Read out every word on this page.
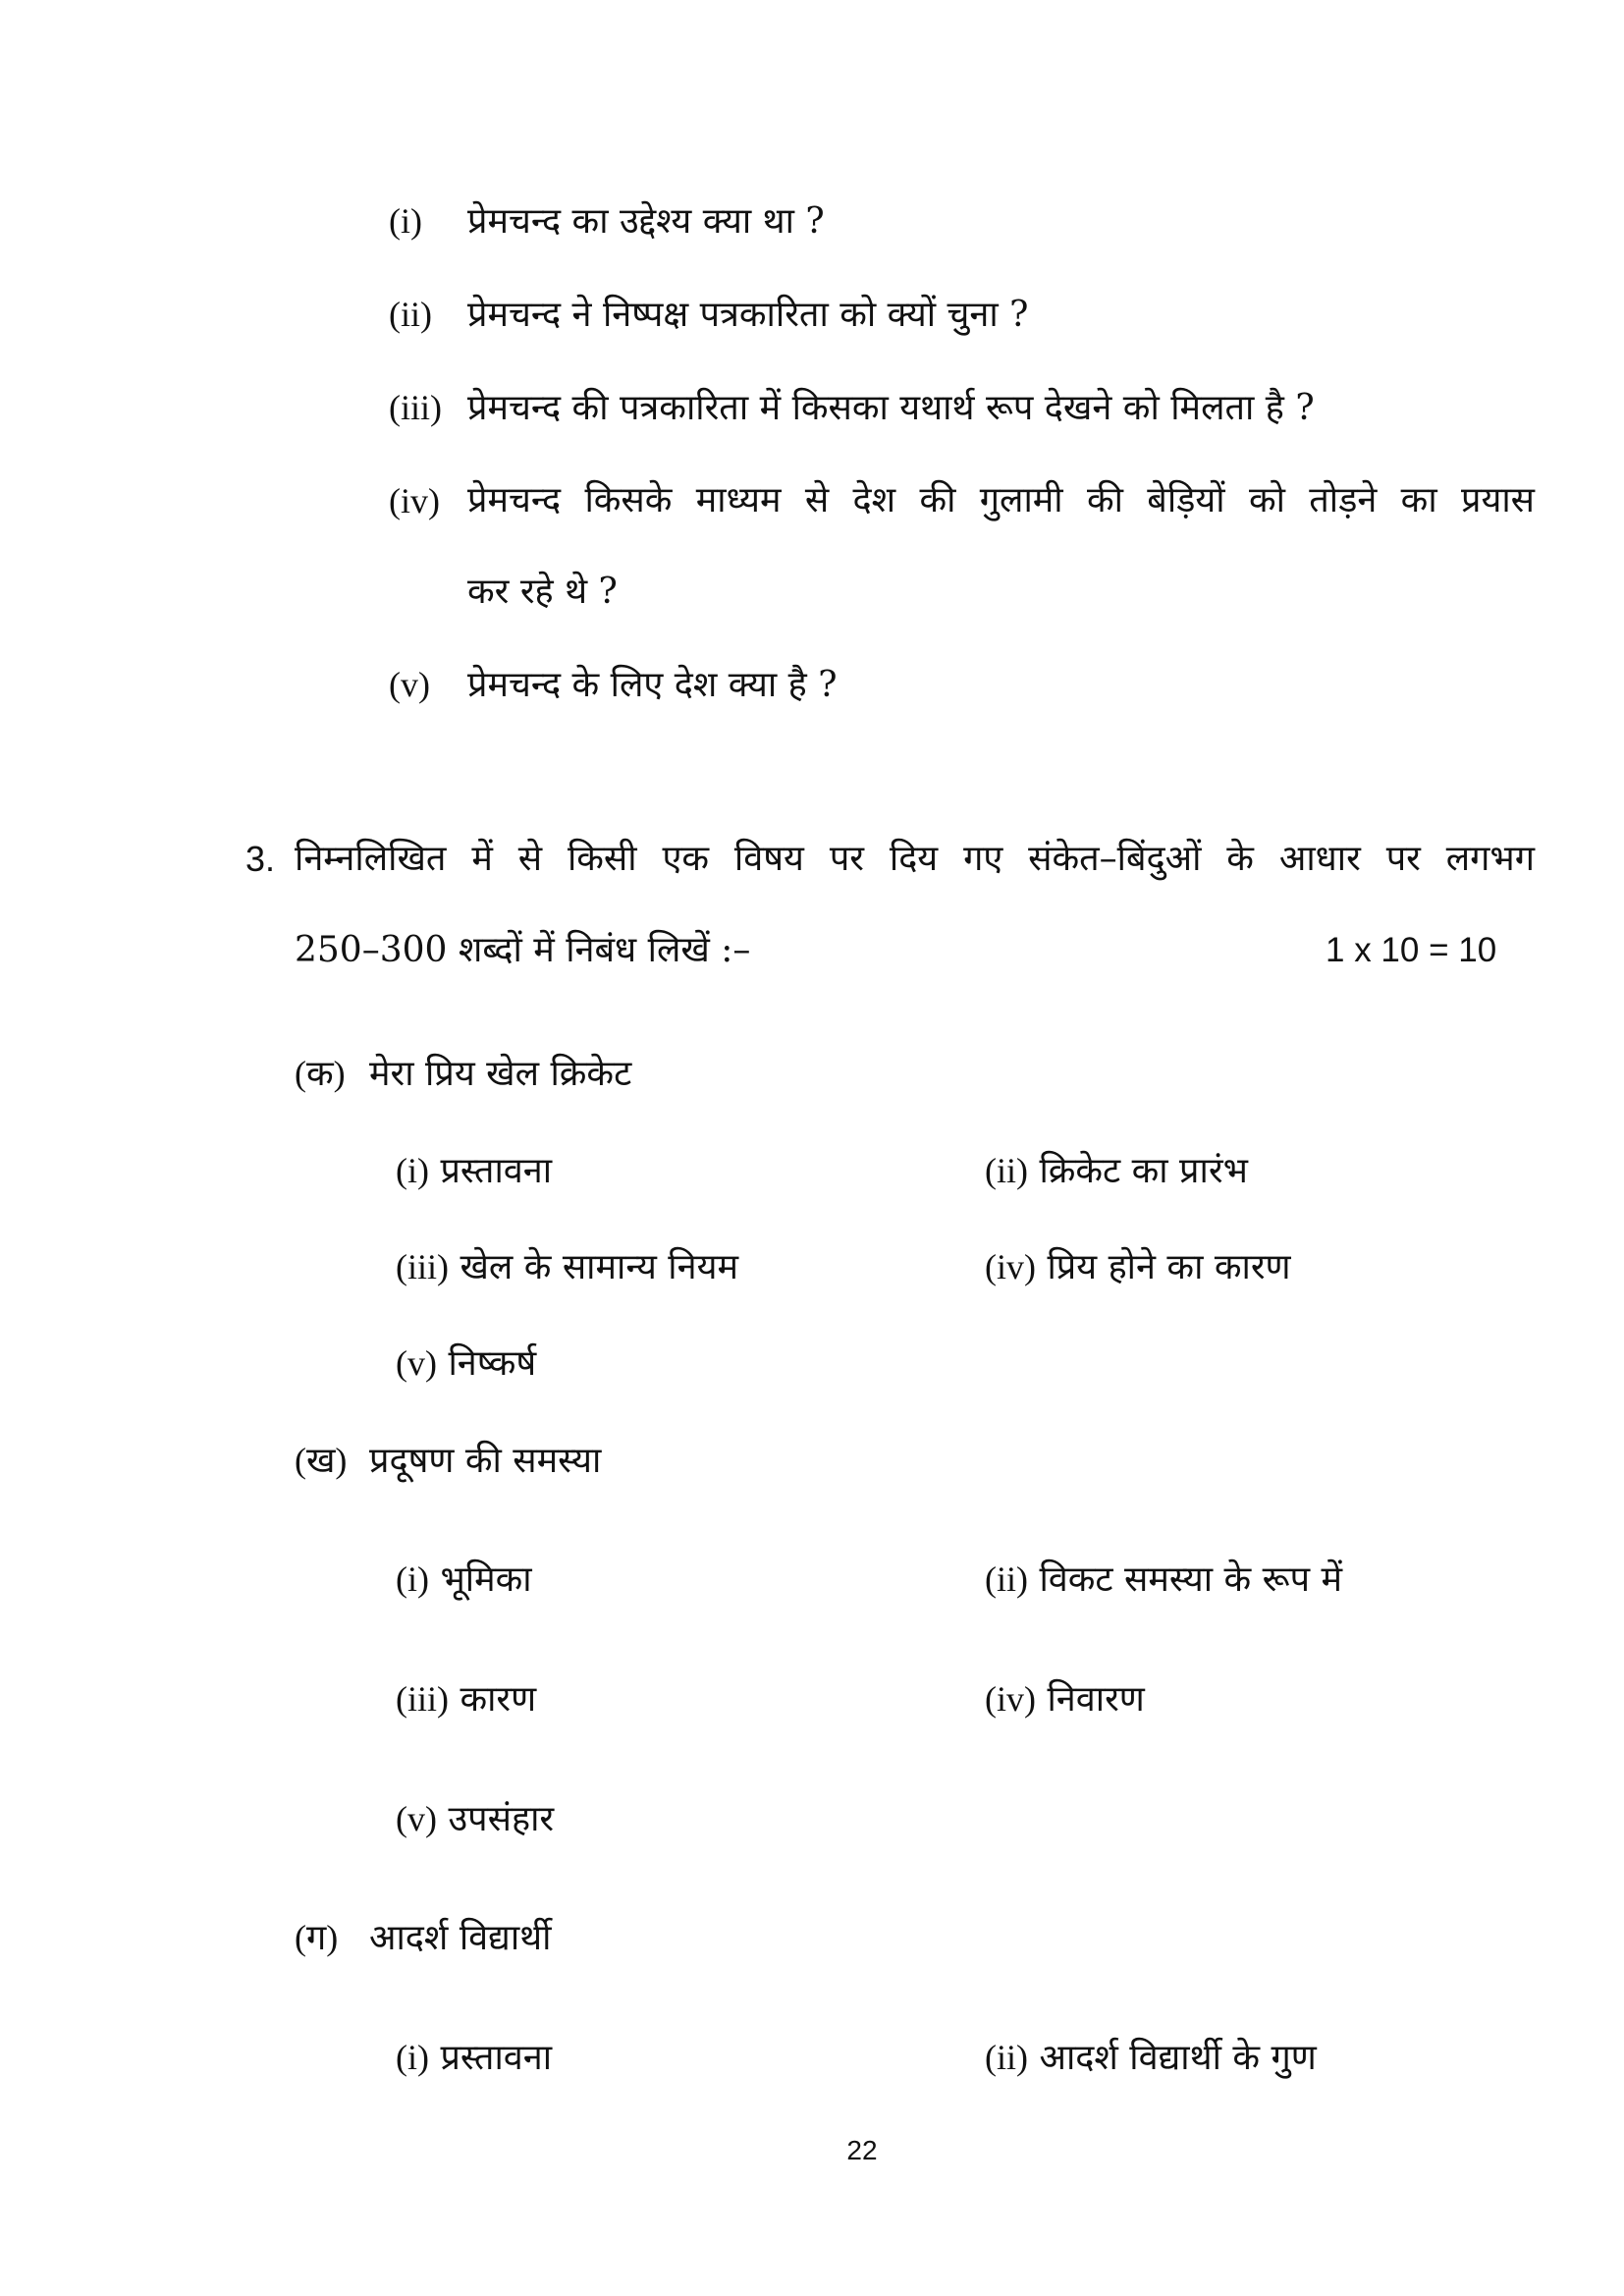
(i) प्रेमचन्द का उद्देश्य क्या था ?
(ii) प्रेमचन्द ने निष्पक्ष पत्रकारिता को क्यों चुना ?
(iii) प्रेमचन्द की पत्रकारिता में किसका यथार्थ रूप देखने को मिलता है ?
(iv) प्रेमचन्द किसके माध्यम से देश की गुलामी की बेड़ियों को तोड़ने का प्रयास
कर रहे थे ?
(v) प्रेमचन्द के लिए देश क्या है ?
3. निम्नलिखित में से किसी एक विषय पर दिय गए संकेत–बिंदुओं के आधार पर लगभग
250–300 शब्दों में निबंध लिखें :–	1 x 10 = 10
(क) मेरा प्रिय खेल क्रिकेट
(i) प्रस्तावना	(ii) क्रिकेट का प्रारंभ
(iii) खेल के सामान्य नियम	(iv) प्रिय होने का कारण
(v) निष्कर्ष
(ख) प्रदूषण की समस्या
(i) भूमिका	(ii) विकट समस्या के रूप में
(iii) कारण	(iv) निवारण
(v) उपसंहार
(ग) आदर्श विद्यार्थी
(i) प्रस्तावना	(ii) आदर्श विद्यार्थी के गुण
22
